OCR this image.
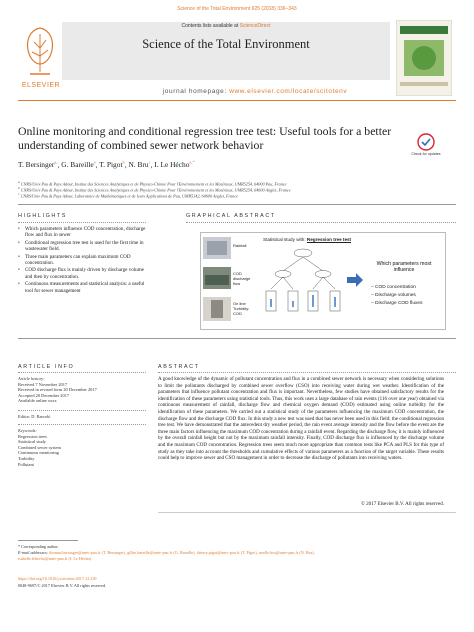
Science of the Total Environment 625 (2018) 336–343
Contents lists available at ScienceDirect
Science of the Total Environment
ELSEVIER
journal homepage: www.elsevier.com/locate/scitotenv
Online monitoring and conditional regression tree test: Useful tools for a better understanding of combined sewer network behavior
Check for updates
T. Bersinger$^{a,}$, G. Bareille$^a$, T. Pigot$^b$, N. Bru$^c$, I. Le Hécho$^{a,*}$
$^a$ CNRS/Univ Pau & Pays Adour, Institut des Sciences Analytiques et de Physico-Chimie Pour l'Environnement et les Matériaux, UMR5254, 64000 Pau, France
$^b$ CNRS/Univ Pau & Pays Adour, Institut des Sciences Analytiques et de Physico-Chimie Pour l'Environnement et les Matériaux, UMR5254, 64600 Anglet, France
$^c$ CNRS/Univ Pau & Pays Adour, Laboratoire de Mathématiques et de leurs Applications de Pau, UMR5142, 64600 Anglet, France
HIGHLIGHTS
• Which parameters influence COD concentration, discharge flow and flux in sewer
• Conditional regression tree test is used for the first time in wastewater field.
• Three main parameters can explain maximum COD concentration.
• COD discharge flux is mainly driven by discharge volume and then by concentration.
• Continuous measurements and statistical analysis: a useful tool for sewer management
GRAPHICAL ABSTRACT
Rainfall
COD discharge flow
On line Turbidity: COD
Statistical study with: Regression tree test
Which parameters most influence
– COD concentration
– Discharge volumes
– Discharge COD fluxes
ARTICLE INFO
Article history:
Received 7 November 2017
Received in revised form 20 December 2017
Accepted 20 December 2017
Available online xxxx
Editor: D. Barceló
Keywords:
Regression trees
Statistical study
Combined sewer system
Continuous monitoring
Turbidity
Pollutant
ABSTRACT
A good knowledge of the dynamic of pollutant concentration and flux in a combined sewer network is necessary when considering solutions to limit the pollutants discharged by combined sewer overflow (CSO) into receiving water during wet weather. Identification of the parameters that influence pollutant concentration and flux is important. Nevertheless, few studies have obtained satisfactory results for the identification of these parameters using statistical tools. Thus, this work uses a large database of rain events (116 over one year) obtained via continuous measurement of rainfall, discharge flow and chemical oxygen demand (COD) estimated using online turbidity for the identification of these parameters. We carried out a statistical study of the parameters influencing the maximum COD concentration, the discharge flow and the discharge COD flux. In this study a new test was used that has never been used in this field: the conditional regression tree test. We have demonstrated that the antecedent dry weather period, the rain event average intensity and the flow before the event are the three main factors influencing the maximum COD concentration during a rainfall event. Regarding the discharge flow, it is mainly influenced by the overall rainfall height but not by the maximum rainfall intensity. Finally, COD discharge flux is influenced by the discharge volume and the maximum COD concentration. Regression trees seem much more appropriate than common tests like PCA and PLS for this type of study as they take into account the thresholds and cumulative effects of various parameters as a function of the target variable. These results could help to improve sewer and CSO management in order to decrease the discharge of pollutants into receiving waters.
© 2017 Elsevier B.V. All rights reserved.
* Corresponding author.
E-mail addresses: thomas.bersinger@univ-pau.fr (T. Bersinger), gilles.bareille@univ-pau.fr (G. Bareille), thierry.pigot@univ-pau.fr (T. Pigot), noelle.bru@univ-pau.fr (N. Bru), isabelle.lehecho@univ-pau.fr (I. Le Hécho).
https://doi.org/10.1016/j.scitotenv.2017.12.239
0048-9697/© 2017 Elsevier B.V. All rights reserved.
